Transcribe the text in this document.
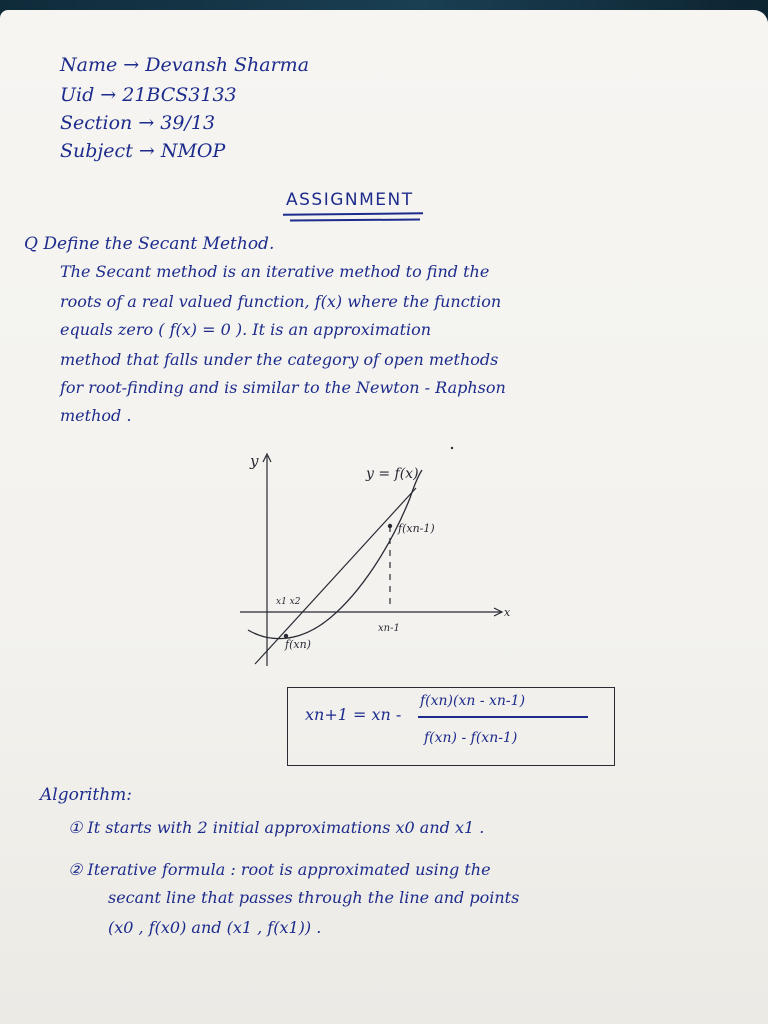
Name → Devansh Sharma
Uid → 21BCS3133
Section → 39/13
Subject → NMOP
ASSIGNMENT
Q Define the Secant Method.
The Secant method is an iterative method to find the
roots of a real valued function, f(x) where the function
equals zero ( f(x) = 0 ). It is an approximation
method that falls under the category of open methods
for root-finding and is similar to the Newton - Raphson
method .
y
x
y = f(x)
f(xn-1)
f(xn)
x1 x2
xn-1
xn+1 = xn -
f(xn)(xn - xn-1)
f(xn) - f(xn-1)
Algorithm:
① It starts with 2 initial approximations x0 and x1 .
② Iterative formula : root is approximated using the
secant line that passes through the line and points
(x0 , f(x0) and (x1 , f(x1)) .
